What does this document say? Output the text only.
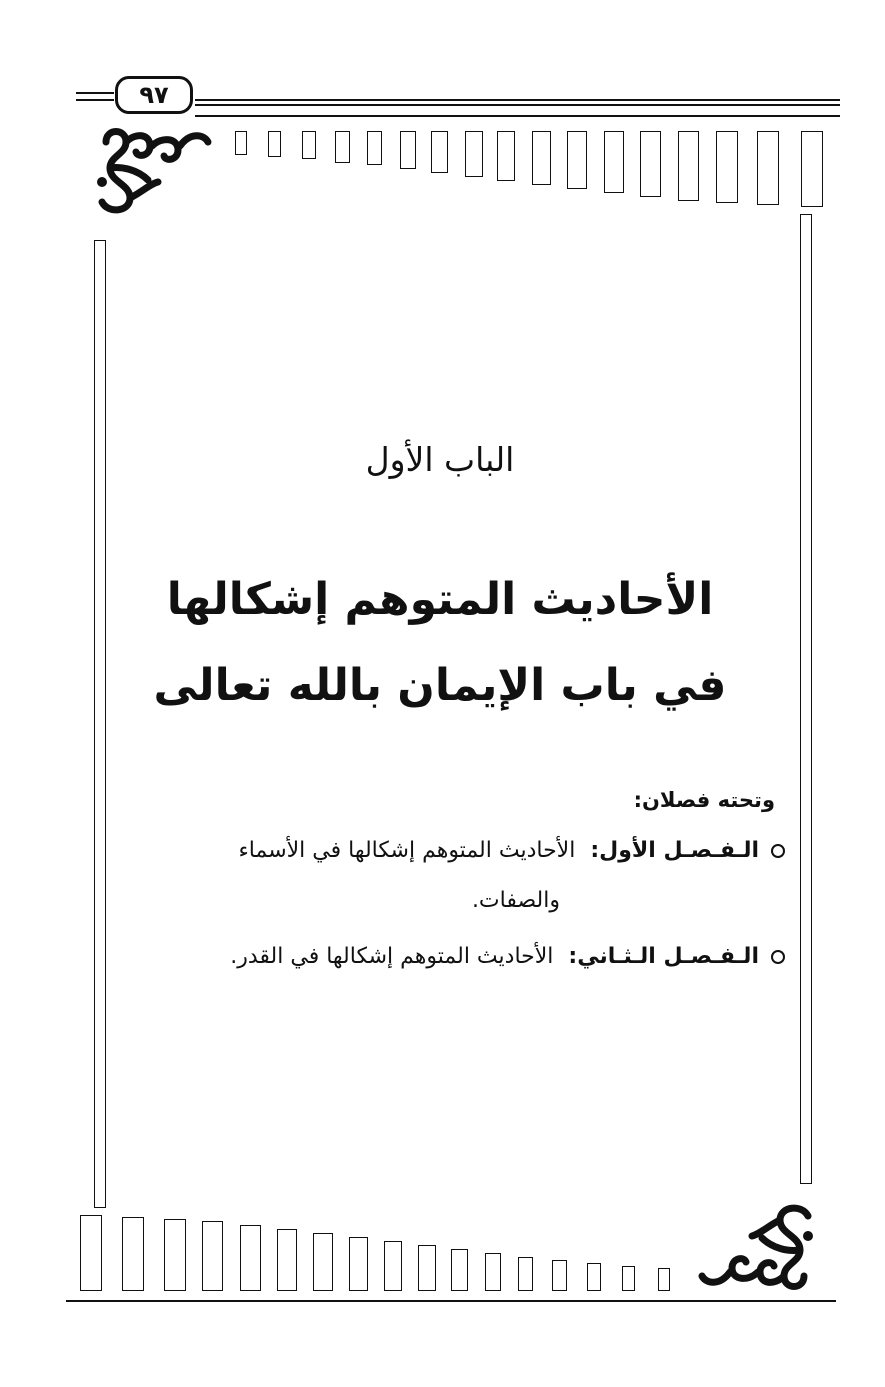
٩٧
الباب الأول
الأحاديث المتوهم إشكالها
في باب الإيمان بالله تعالى
وتحته فصلان:
الـفـصـل الأول: الأحاديث المتوهم إشكالها في الأسماء
والصفات.
الـفـصـل الـثـاني: الأحاديث المتوهم إشكالها في القدر.
